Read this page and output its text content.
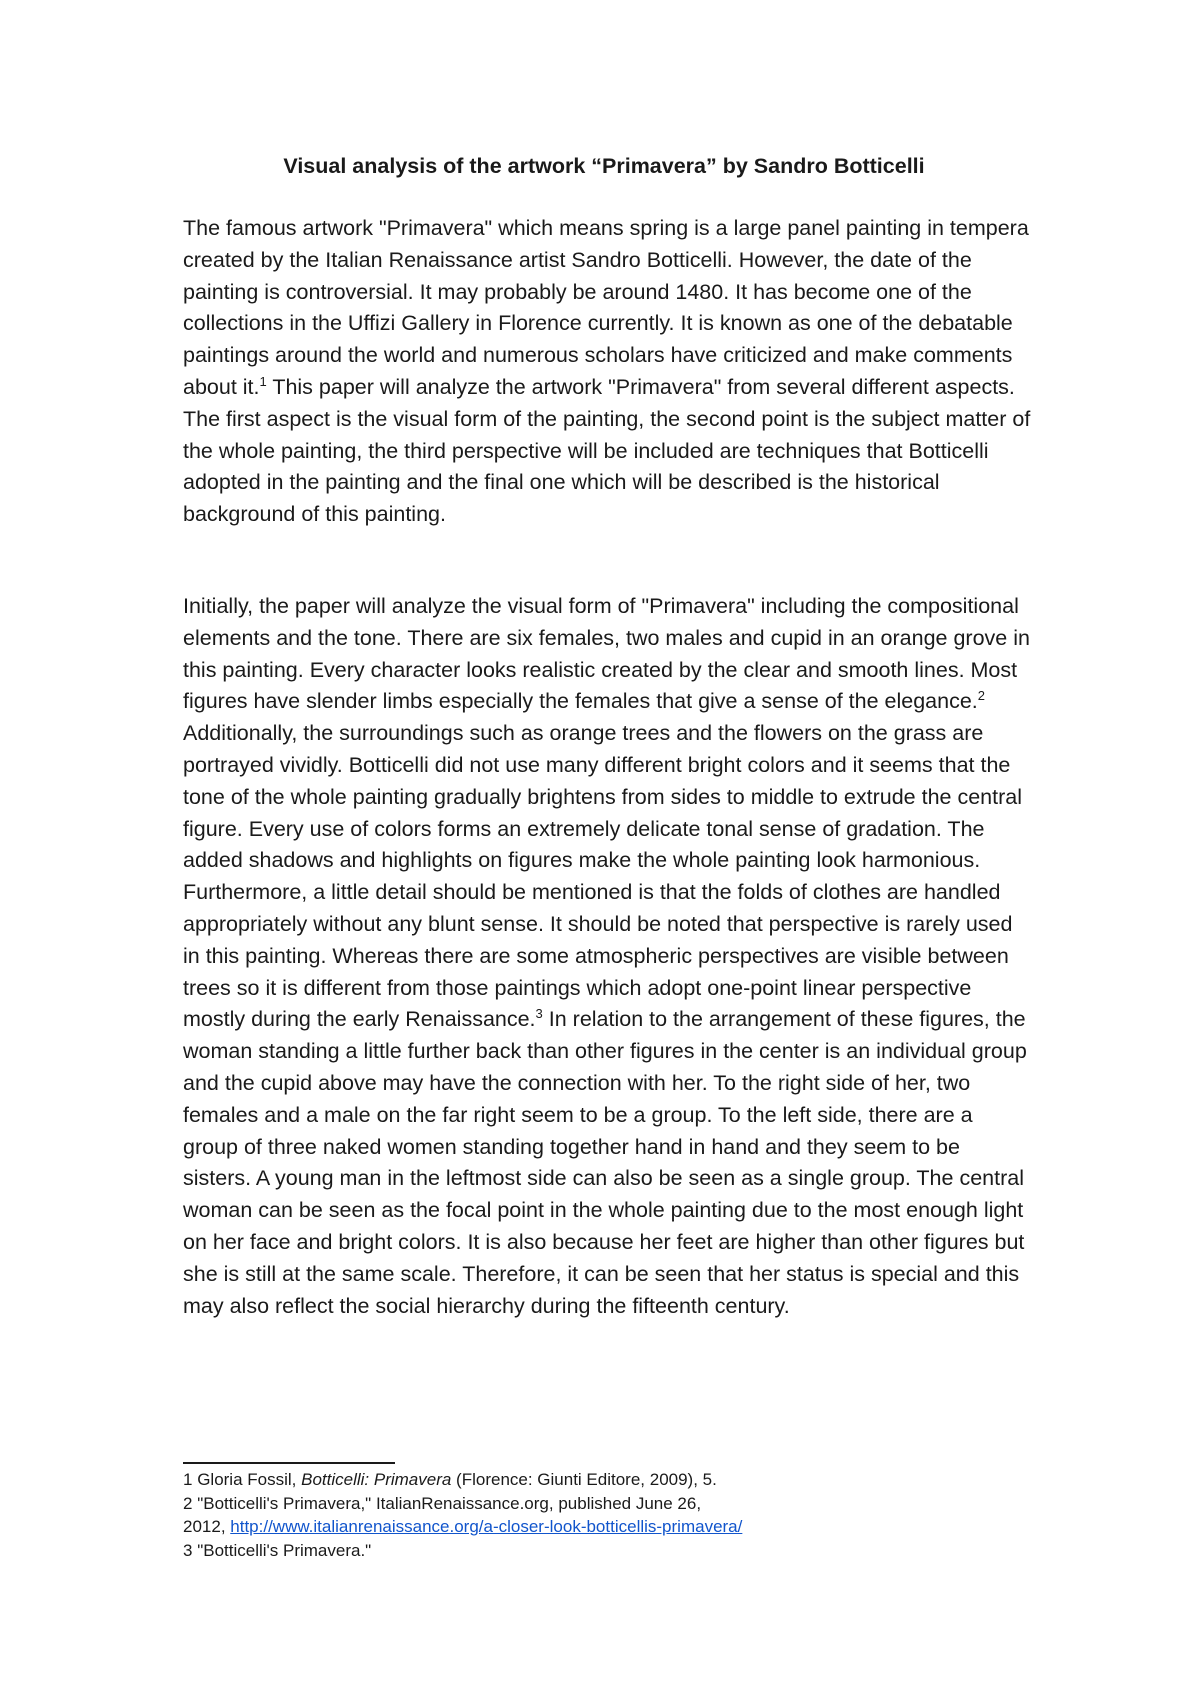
Visual analysis of the artwork “Primavera” by Sandro Botticelli

The famous artwork "Primavera" which means spring is a large panel painting in tempera created by the Italian Renaissance artist Sandro Botticelli. However, the date of the painting is controversial. It may probably be around 1480. It has become one of the collections in the Uffizi Gallery in Florence currently. It is known as one of the debatable paintings around the world and numerous scholars have criticized and make comments about it.$^1$ This paper will analyze the artwork "Primavera" from several different aspects. The first aspect is the visual form of the painting, the second point is the subject matter of the whole painting, the third perspective will be included are techniques that Botticelli adopted in the painting and the final one which will be described is the historical background of this painting.

Initially, the paper will analyze the visual form of "Primavera" including the compositional elements and the tone. There are six females, two males and cupid in an orange grove in this painting. Every character looks realistic created by the clear and smooth lines. Most figures have slender limbs especially the females that give a sense of the elegance.$^2$ Additionally, the surroundings such as orange trees and the flowers on the grass are portrayed vividly. Botticelli did not use many different bright colors and it seems that the tone of the whole painting gradually brightens from sides to middle to extrude the central figure. Every use of colors forms an extremely delicate tonal sense of gradation. The added shadows and highlights on figures make the whole painting look harmonious. Furthermore, a little detail should be mentioned is that the folds of clothes are handled appropriately without any blunt sense. It should be noted that perspective is rarely used in this painting. Whereas there are some atmospheric perspectives are visible between trees so it is different from those paintings which adopt one-point linear perspective mostly during the early Renaissance.$^3$ In relation to the arrangement of these figures, the woman standing a little further back than other figures in the center is an individual group and the cupid above may have the connection with her. To the right side of her, two females and a male on the far right seem to be a group. To the left side, there are a group of three naked women standing together hand in hand and they seem to be sisters. A young man in the leftmost side can also be seen as a single group. The central woman can be seen as the focal point in the whole painting due to the most enough light on her face and bright colors. It is also because her feet are higher than other figures but she is still at the same scale. Therefore, it can be seen that her status is special and this may also reflect the social hierarchy during the fifteenth century.

1 Gloria Fossil, Botticelli: Primavera (Florence: Giunti Editore, 2009), 5.

2 "Botticelli's Primavera," ItalianRenaissance.org, published June 26,
2012, http://www.italianrenaissance.org/a-closer-look-botticellis-primavera/

3 "Botticelli's Primavera."
